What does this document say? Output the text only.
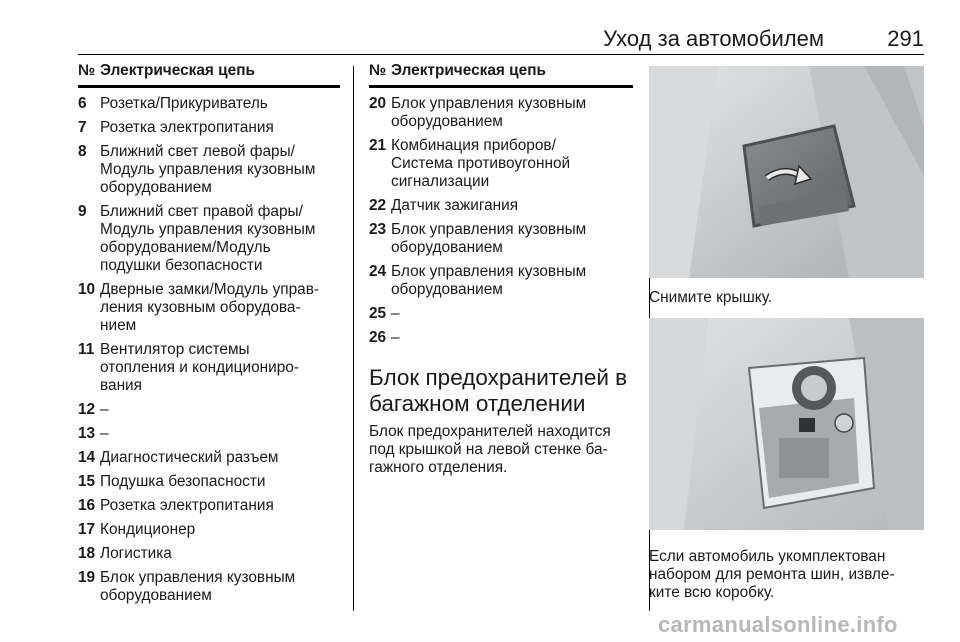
Уход за автомобилем	291
№ Электрическая цепь
6 Розетка/Прикуриватель
7 Розетка электропитания
8 Ближний свет левой фары/
Модуль управления кузовным
оборудованием
9 Ближний свет правой фары/
Модуль управления кузовным
оборудованием/Модуль
подушки безопасности
10 Дверные замки/Модуль управ-
ления кузовным оборудова-
нием
11 Вентилятор системы
отопления и кондициониро-
вания
12 –
13 –
14 Диагностический разъем
15 Подушка безопасности
16 Розетка электропитания
17 Кондиционер
18 Логистика
19 Блок управления кузовным
оборудованием
№ Электрическая цепь
20 Блок управления кузовным
оборудованием
21 Комбинация приборов/
Система противоугонной
сигнализации
22 Датчик зажигания
23 Блок управления кузовным
оборудованием
24 Блок управления кузовным
оборудованием
25 –
26 –
Блок предохранителей в
багажном отделении
Блок предохранителей находится
под крышкой на левой стенке ба-
гажного отделения.
Снимите крышку.
Если автомобиль укомплектован
набором для ремонта шин, извле-
ките всю коробку.
carmanualsonline.info
